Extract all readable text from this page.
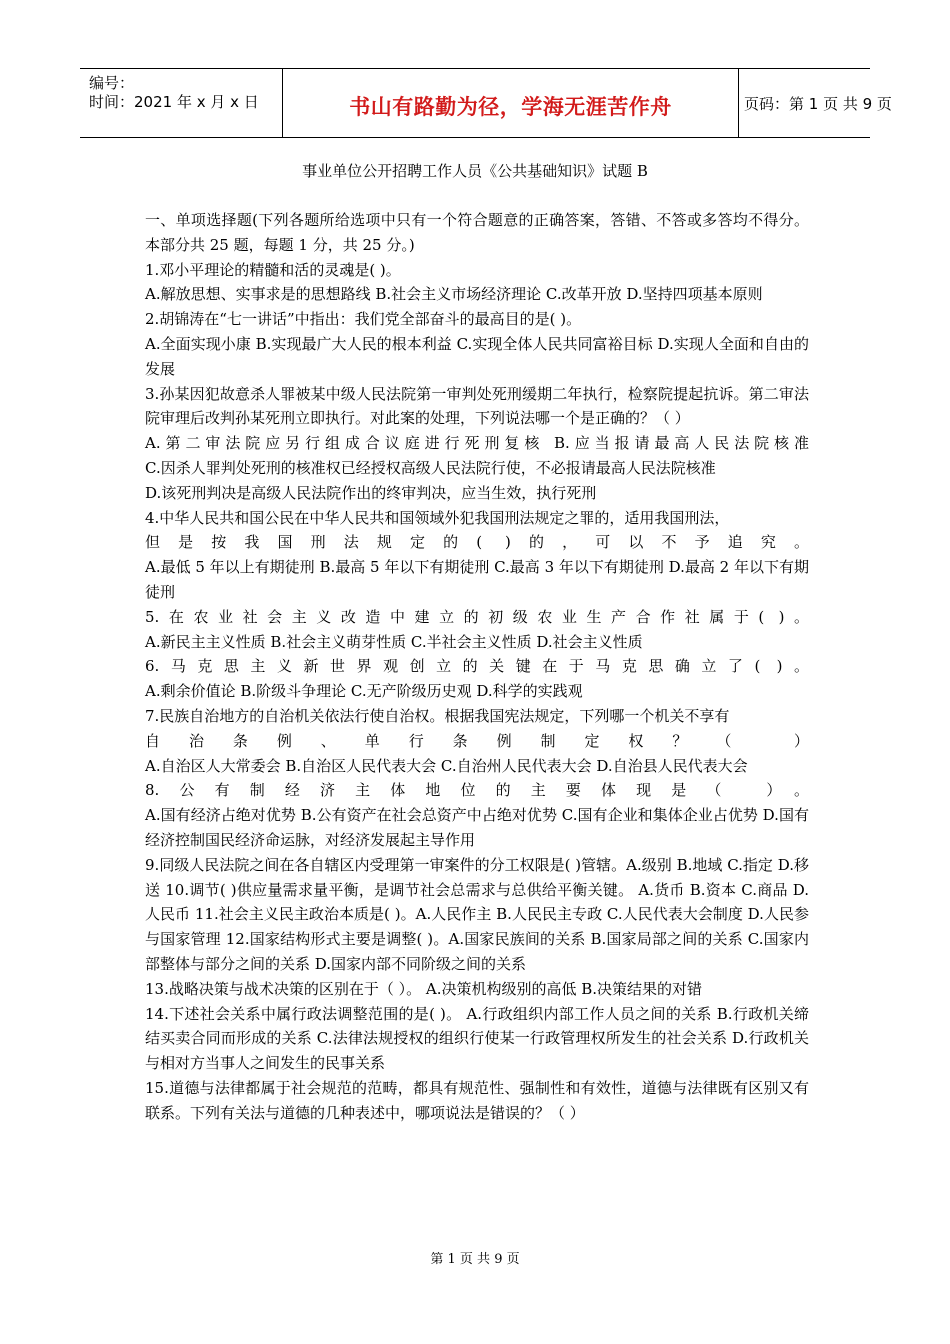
编号：
时间：2021 年 x 月 x 日	书山有路勤为径，学海无涯苦作舟	页码：第 1 页 共 9 页
事业单位公开招聘工作人员《公共基础知识》试题 B

一、单项选择题(下列各题所给选项中只有一个符合题意的正确答案，答错、不答或多答均不得分。本部分共 25 题，每题 1 分，共 25 分。)

1.邓小平理论的精髓和活的灵魂是( )。

A.解放思想、实事求是的思想路线 B.社会主义市场经济理论 C.改革开放 D.坚持四项基本原则

2.胡锦涛在“七一讲话”中指出：我们党全部奋斗的最高目的是( )。

A.全面实现小康 B.实现最广大人民的根本利益 C.实现全体人民共同富裕目标 D.实现人全面和自由的发展

3.孙某因犯故意杀人罪被某中级人民法院第一审判处死刑缓期二年执行，检察院提起抗诉。第二审法院审理后改判孙某死刑立即执行。对此案的处理，下列说法哪一个是正确的？（ ）

A.第二审法院应另行组成合议庭进行死刑复核 B.应当报请最高人民法院核准

C.因杀人罪判处死刑的核准权已经授权高级人民法院行使，不必报请最高人民法院核准

D.该死刑判决是高级人民法院作出的终审判决，应当生效，执行死刑

4.中华人民共和国公民在中华人民共和国领域外犯我国刑法规定之罪的，适用我国刑法，

但是按我国刑法规定的( )的，可以不予追究。

A.最低 5 年以上有期徒刑 B.最高 5 年以下有期徒刑 C.最高 3 年以下有期徒刑 D.最高 2 年以下有期徒刑

5.在农业社会主义改造中建立的初级农业生产合作社属于( )。

A.新民主主义性质 B.社会主义萌芽性质 C.半社会主义性质 D.社会主义性质

6.马克思主义新世界观创立的关键在于马克思确立了( )。

A.剩余价值论 B.阶级斗争理论 C.无产阶级历史观 D.科学的实践观

7.民族自治地方的自治机关依法行使自治权。根据我国宪法规定，下列哪一个机关不享有

自治条例、单行条例制定权？（ ）

A.自治区人大常委会 B.自治区人民代表大会 C.自治州人民代表大会 D.自治县人民代表大会

8.公有制经济主体地位的主要体现是（ ）。

A.国有经济占绝对优势 B.公有资产在社会总资产中占绝对优势 C.国有企业和集体企业占优势 D.国有经济控制国民经济命运脉，对经济发展起主导作用

9.同级人民法院之间在各自辖区内受理第一审案件的分工权限是( )管辖。A.级别 B.地域 C.指定 D.移送 10.调节( )供应量需求量平衡，是调节社会总需求与总供给平衡关键。 A.货币 B.资本 C.商品 D.人民币 11.社会主义民主政治本质是( )。A.人民作主 B.人民民主专政 C.人民代表大会制度 D.人民参与国家管理 12.国家结构形式主要是调整( )。A.国家民族间的关系 B.国家局部之间的关系 C.国家内部整体与部分之间的关系 D.国家内部不同阶级之间的关系

13.战略决策与战术决策的区别在于（ ）。 A.决策机构级别的高低 B.决策结果的对错

14.下述社会关系中属行政法调整范围的是( )。 A.行政组织内部工作人员之间的关系 B.行政机关缔结买卖合同而形成的关系 C.法律法规授权的组织行使某一行政管理权所发生的社会关系 D.行政机关与相对方当事人之间发生的民事关系

15.道德与法律都属于社会规范的范畴，都具有规范性、强制性和有效性，道德与法律既有区别又有联系。下列有关法与道德的几种表述中，哪项说法是错误的？（ ）

第 1 页 共 9 页
